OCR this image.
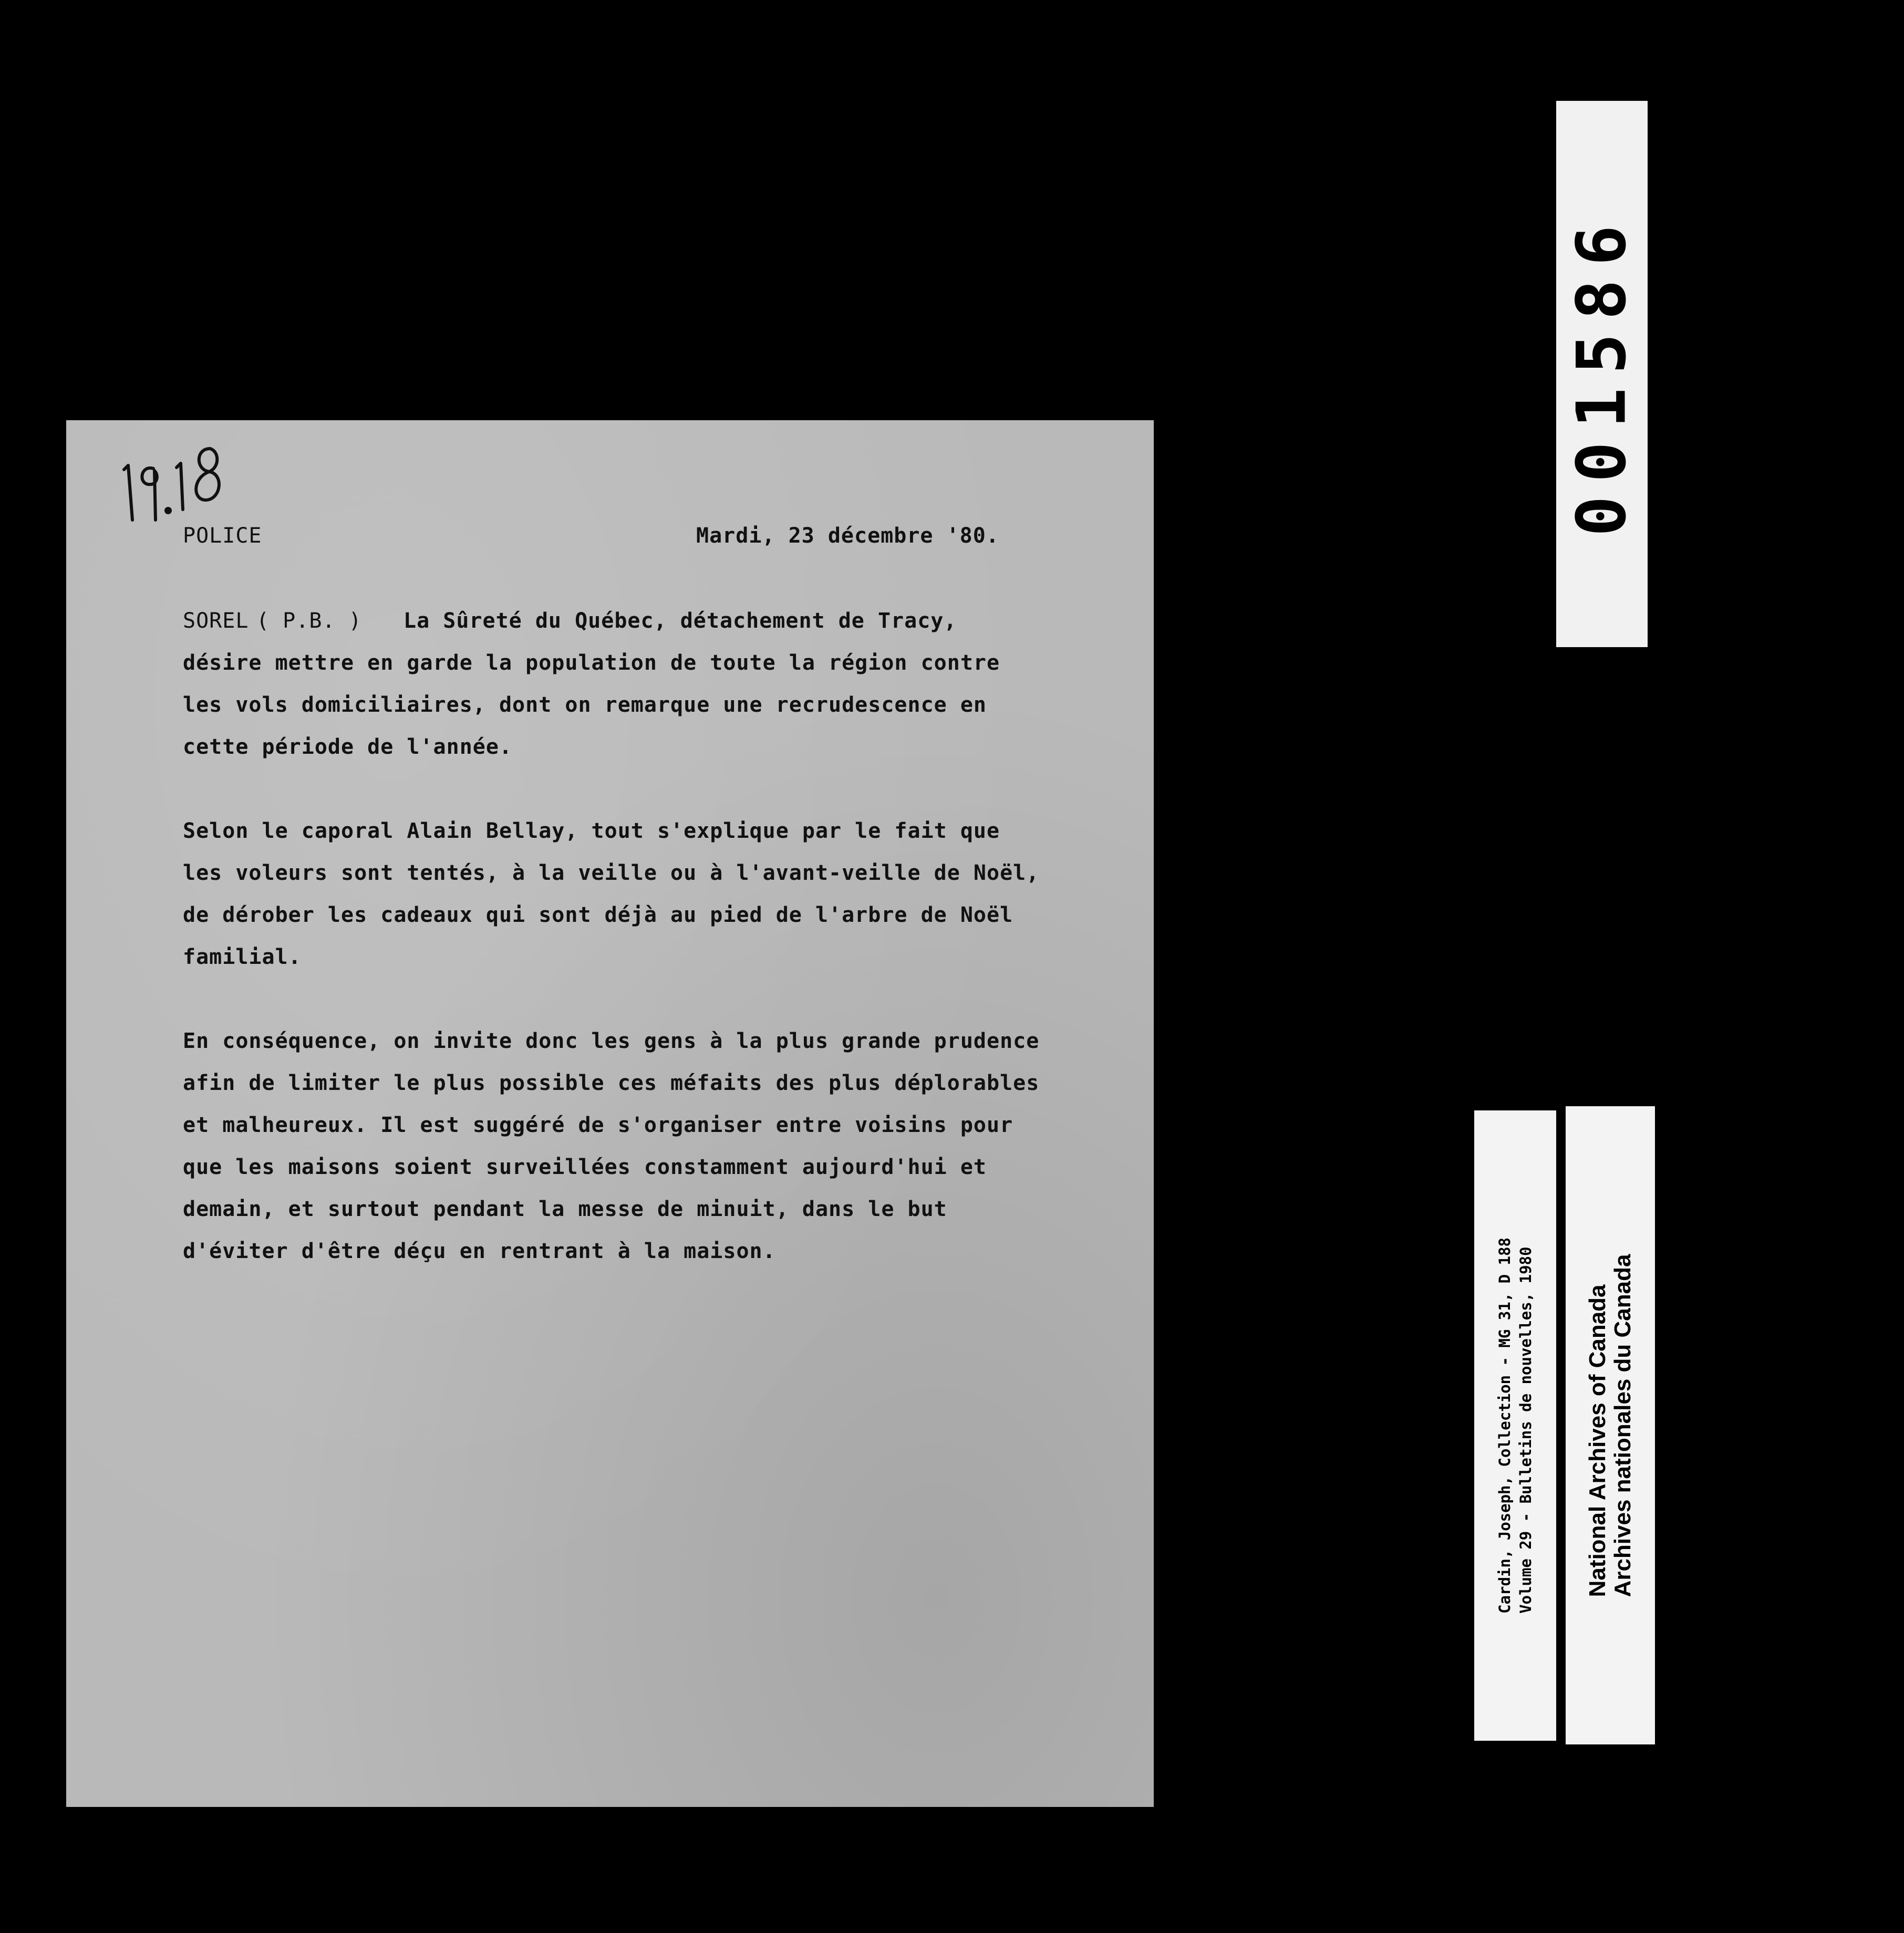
POLICE	Mardi, 23 décembre '80.
SOREL ( P.B. ) La Sûreté du Québec, détachement de Tracy,
désire mettre en garde la population de toute la région contre
les vols domiciliaires, dont on remarque une recrudescence en
cette période de l'année.
Selon le caporal Alain Bellay, tout s'explique par le fait que
les voleurs sont tentés, à la veille ou à l'avant-veille de Noël,
de dérober les cadeaux qui sont déjà au pied de l'arbre de Noël
familial.
En conséquence, on invite donc les gens à la plus grande prudence
afin de limiter le plus possible ces méfaits des plus déplorables
et malheureux. Il est suggéré de s'organiser entre voisins pour
que les maisons soient surveillées constamment aujourd'hui et
demain, et surtout pendant la messe de minuit, dans le but
d'éviter d'être déçu en rentrant à la maison.
001586
Cardin, Joseph, Collection - MG 31, D 188 Volume 29 - Bulletins de nouvelles, 1980 National Archives of Canada Archives nationales du Canada
